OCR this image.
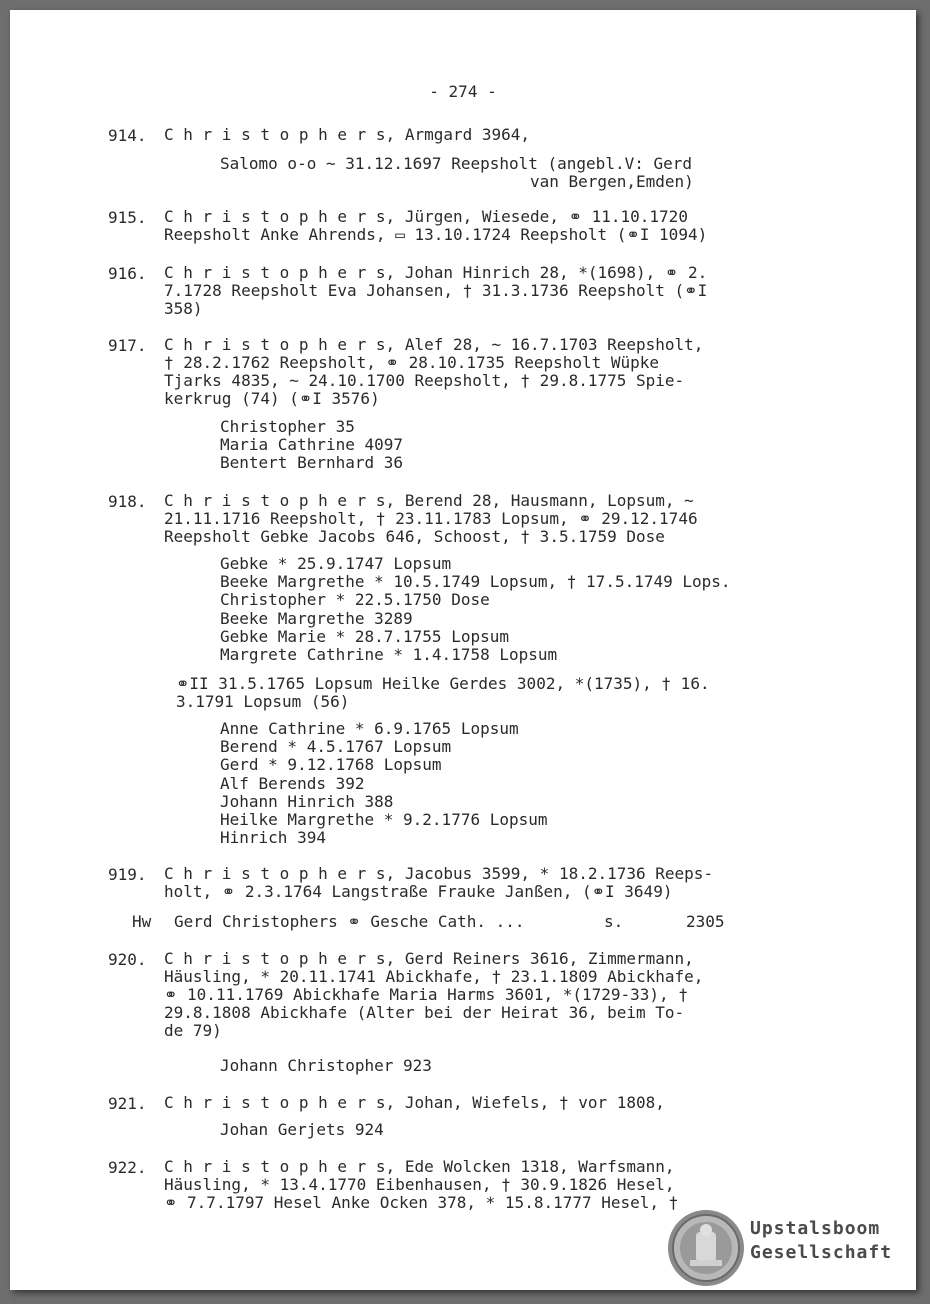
- 274 -
914. C h r i s t o p h e r s, Armgard 3964,
Salomo o-o ~ 31.12.1697 Reepsholt (angebl.V: Gerd
van Bergen,Emden)
915. C h r i s t o p h e r s, Jürgen, Wiesede, ⚭ 11.10.1720
Reepsholt Anke Ahrends, ▭ 13.10.1724 Reepsholt (⚭I 1094)
916. C h r i s t o p h e r s, Johan Hinrich 28, *(1698), ⚭ 2.
7.1728 Reepsholt Eva Johansen, † 31.3.1736 Reepsholt (⚭I
358)
917. C h r i s t o p h e r s, Alef 28, ~ 16.7.1703 Reepsholt,
† 28.2.1762 Reepsholt, ⚭ 28.10.1735 Reepsholt Wüpke
Tjarks 4835, ~ 24.10.1700 Reepsholt, † 29.8.1775 Spie-
kerkrug (74) (⚭I 3576)
Christopher 35
Maria Cathrine 4097
Bentert Bernhard 36
918. C h r i s t o p h e r s, Berend 28, Hausmann, Lopsum, ~
21.11.1716 Reepsholt, † 23.11.1783 Lopsum, ⚭ 29.12.1746
Reepsholt Gebke Jacobs 646, Schoost, † 3.5.1759 Dose
Gebke * 25.9.1747 Lopsum
Beeke Margrethe * 10.5.1749 Lopsum, † 17.5.1749 Lops.
Christopher * 22.5.1750 Dose
Beeke Margrethe 3289
Gebke Marie * 28.7.1755 Lopsum
Margrete Cathrine * 1.4.1758 Lopsum
⚭II 31.5.1765 Lopsum Heilke Gerdes 3002, *(1735), † 16.
3.1791 Lopsum (56)
Anne Cathrine * 6.9.1765 Lopsum
Berend * 4.5.1767 Lopsum
Gerd * 9.12.1768 Lopsum
Alf Berends 392
Johann Hinrich 388
Heilke Margrethe * 9.2.1776 Lopsum
Hinrich 394
919. C h r i s t o p h e r s, Jacobus 3599, * 18.2.1736 Reeps-
holt, ⚭ 2.3.1764 Langstraße Frauke Janßen, (⚭I 3649)
Hw Gerd Christophers ⚭ Gesche Cath. ...	s.	2305
920. C h r i s t o p h e r s, Gerd Reiners 3616, Zimmermann,
Häusling, * 20.11.1741 Abickhafe, † 23.1.1809 Abickhafe,
⚭ 10.11.1769 Abickhafe Maria Harms 3601, *(1729-33), †
29.8.1808 Abickhafe (Alter bei der Heirat 36, beim To-
de 79)
Johann Christopher 923
921. C h r i s t o p h e r s, Johan, Wiefels, † vor 1808,
Johan Gerjets 924
922. C h r i s t o p h e r s, Ede Wolcken 1318, Warfsmann,
Häusling, * 13.4.1770 Eibenhausen, † 30.9.1826 Hesel,
⚭ 7.7.1797 Hesel Anke Ocken 378, * 15.8.1777 Hesel, †
Upstalsboom
Gesellschaft
